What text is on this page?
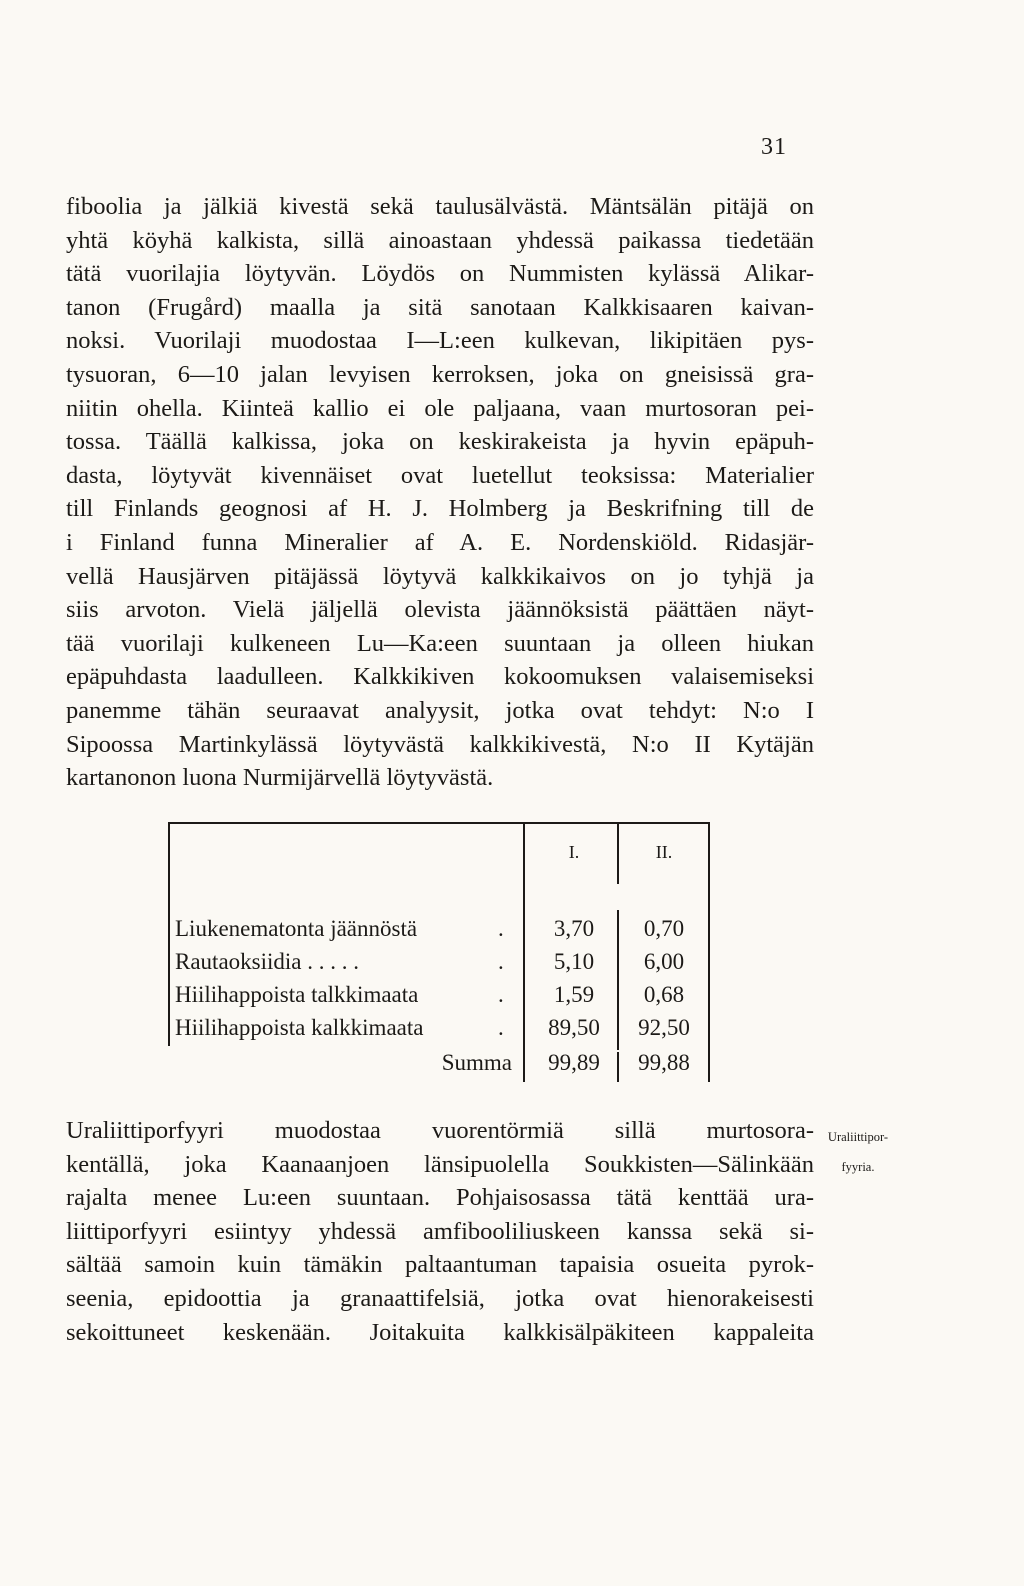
31
fiboolia ja jälkiä kivestä sekä taulusälvästä. Mäntsälän pitäjä on
yhtä köyhä kalkista, sillä ainoastaan yhdessä paikassa tiedetään
tätä vuorilajia löytyvän. Löydös on Nummisten kylässä Alikar-
tanon (Frugård) maalla ja sitä sanotaan Kalkkisaaren kaivan-
noksi. Vuorilaji muodostaa I—L:een kulkevan, likipitäen pys-
tysuoran, 6—10 jalan levyisen kerroksen, joka on gneisissä gra-
niitin ohella. Kiinteä kallio ei ole paljaana, vaan murtosoran pei-
tossa. Täällä kalkissa, joka on keskirakeista ja hyvin epäpuh-
dasta, löytyvät kivennäiset ovat luetellut teoksissa: Materialier
till Finlands geognosi af H. J. Holmberg ja Beskrifning till de
i Finland funna Mineralier af A. E. Nordenskiöld. Ridasjär-
vellä Hausjärven pitäjässä löytyvä kalkkikaivos on jo tyhjä ja
siis arvoton. Vielä jäljellä olevista jäännöksistä päättäen näyt-
tää vuorilaji kulkeneen Lu—Ka:een suuntaan ja olleen hiukan
epäpuhdasta laadulleen. Kalkkikiven kokoomuksen valaisemiseksi
panemme tähän seuraavat analyysit, jotka ovat tehdyt: N:o I
Sipoossa Martinkylässä löytyvästä kalkkikivestä, N:o II Kytäjän
kartanonon luona Nurmijärvellä löytyvästä.
I.	II.
Liukenematonta jäännöstä	.	3,70	0,70
Rautaoksiidia . . . . .	.	5,10	6,00
Hiilihappoista talkkimaata	.	1,59	0,68
Hiilihappoista kalkkimaata	.	89,50	92,50
Summa	99,89	99,88
Uraliittipor-
fyyria.
Uraliittiporfyyri muodostaa vuorentörmiä sillä murtosora-
kentällä, joka Kaanaanjoen länsipuolella Soukkisten—Sälinkään
rajalta menee Lu:een suuntaan. Pohjaisosassa tätä kenttää ura-
liittiporfyyri esiintyy yhdessä amfibooliliuskeen kanssa sekä si-
sältää samoin kuin tämäkin paltaantuman tapaisia osueita pyrok-
seenia, epidoottia ja granaattifelsiä, jotka ovat hienorakeisesti
sekoittuneet keskenään. Joitakuita kalkkisälpäkiteen kappaleita
